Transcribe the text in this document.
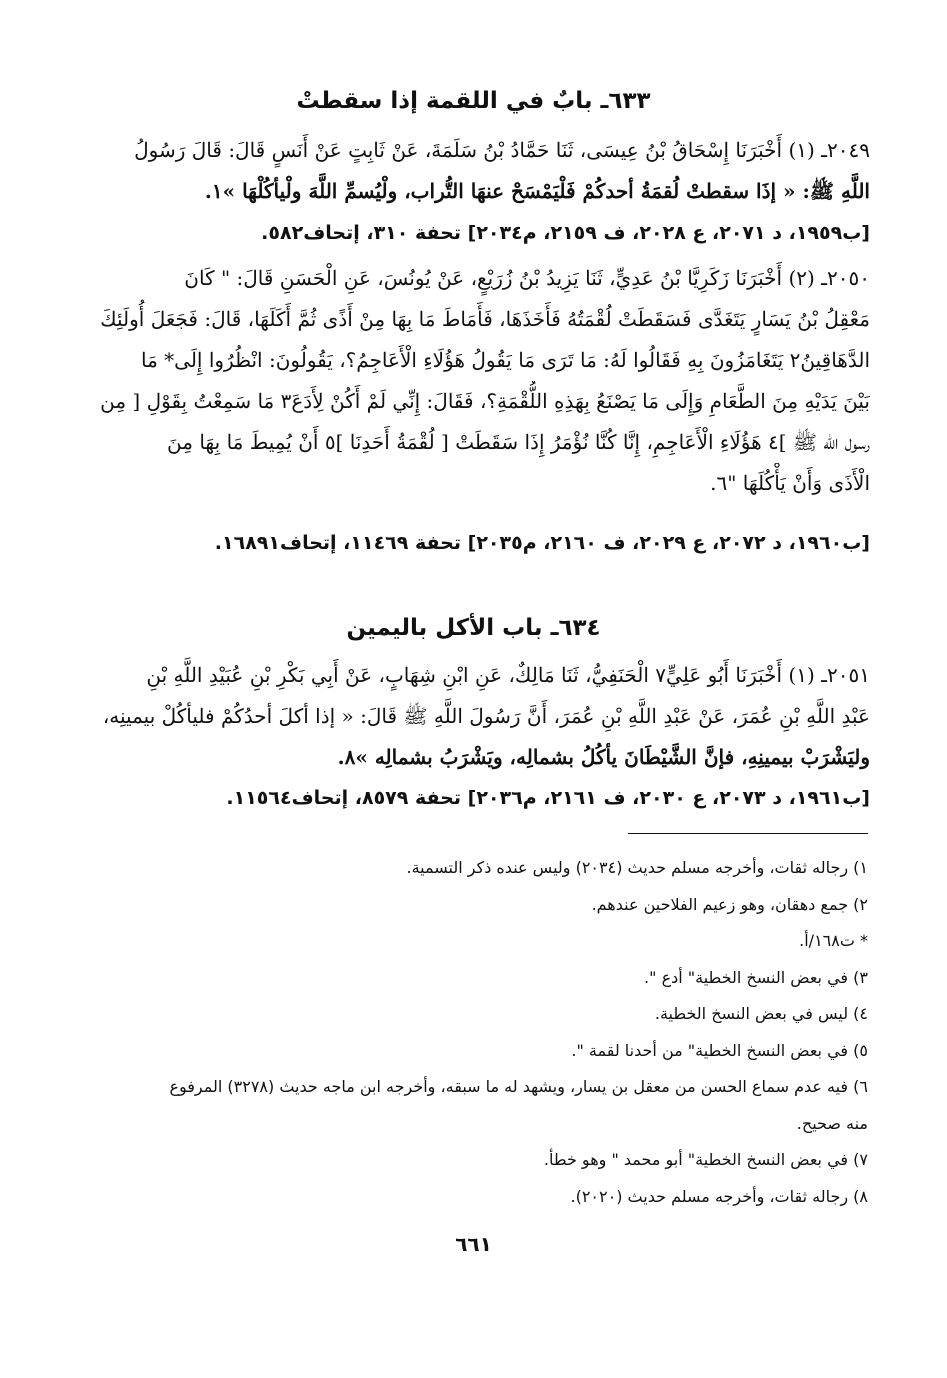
٦٣٣ـ بابٌ في اللقمة إذا سقطتْ
٢٠٤٩ـ (١) أَخْبَرَنَا إِسْحَاقُ بْنُ عِيسَى، ثَنَا حَمَّادُ بْنُ سَلَمَةَ، عَنْ ثَابِتٍ عَنْ أَنَسٍ قَالَ: قَالَ رَسُولُ
اللَّهِ ﷺ: « إذَا سقطتْ لُقمَةُ أحدكُمْ فَلْيَمْسَحْ عنهَا التُّراب، ولْيُسمِّ اللَّهَ ولْيأكُلْهَا »١.
[ب١٩٥٩، د ٢٠٧١، ع ٢٠٢٨، ف ٢١٥٩، م٢٠٣٤] تحفة ٣١٠، إتحاف٥٨٢.
٢٠٥٠ـ (٢) أَخْبَرَنَا زَكَرِيَّا بْنُ عَدِيٍّ، ثَنَا يَزِيدُ بْنُ زُرَيْعٍ، عَنْ يُونُسَ، عَنِ الْحَسَنِ قَالَ: " كَانَ
مَعْقِلُ بْنُ يَسَارٍ يَتَغَدَّى فَسَقَطَتْ لُقْمَتُهُ فَأَخَذَهَا، فَأَمَاطَ مَا بِهَا مِنْ أَذًى ثُمَّ أَكَلَهَا، قَالَ: فَجَعَلَ أُولَئِكَ
الدَّهَاقِينُ٢ يَتَغَامَزُونَ بِهِ فَقَالُوا لَهُ: مَا تَرَى مَا يَقُولُ هَؤُلَاءِ الْأَعَاجِمُ؟، يَقُولُونَ: انْظُرُوا إِلَى* مَا
بَيْنَ يَدَيْهِ مِنَ الطَّعَامِ وَإِلَى مَا يَصْنَعُ بِهَذِهِ اللُّقْمَةِ؟، فَقَالَ: إِنِّي لَمْ أَكُنْ لِأَدَعَ٣ مَا سَمِعْتُ بِقَوْلِ [ مِن
رسول الله ﷺ ]٤ هَؤُلَاءِ الْأَعَاجِمِ، إِنَّا كُنَّا نُؤْمَرُ إِذَا سَقَطَتْ [ لُقْمَةُ أَحَدِنَا ]٥ أَنْ يُمِيطَ مَا بِهَا مِنَ
الْأَذَى وَأَنْ يَأْكُلَهَا "٦.
[ب١٩٦٠، د ٢٠٧٢، ع ٢٠٢٩، ف ٢١٦٠، م٢٠٣٥] تحفة ١١٤٦٩، إتحاف١٦٨٩١.
٦٣٤ـ باب الأكل باليمين
٢٠٥١ـ (١) أَخْبَرَنَا أَبُو عَلِيٍّ٧ الْحَنَفِيُّ، ثَنَا مَالِكٌ، عَنِ ابْنِ شِهَابٍ، عَنْ أَبِي بَكْرِ بْنِ عُبَيْدِ اللَّهِ بْنِ
عَبْدِ اللَّهِ بْنِ عُمَرَ، عَنْ عَبْدِ اللَّهِ بْنِ عُمَرَ، أَنَّ رَسُولَ اللَّهِ ﷺ قَالَ: « إذا أكلَ أحدُكُمْ فليأكُلْ بيمينِه،
وليَشْرَبْ بيمينِهِ، فإنَّ الشَّيْطَانَ يأكُلُ بشمالِه، ويَشْرَبُ بشمالِه »٨.
[ب١٩٦١، د ٢٠٧٣، ع ٢٠٣٠، ف ٢١٦١، م٢٠٣٦] تحفة ٨٥٧٩، إتحاف١١٥٦٤.
١) رجاله ثقات، وأخرجه مسلم حديث (٢٠٣٤) وليس عنده ذكر التسمية.
٢) جمع دهقان، وهو زعيم الفلاحين عندهم.
* ت١٦٨/أ.
٣) في بعض النسخ الخطية" أدع ".
٤) ليس في بعض النسخ الخطية.
٥) في بعض النسخ الخطية" من أحدنا لقمة ".
٦) فيه عدم سماع الحسن من معقل بن يسار، ويشهد له ما سبقه، وأخرجه ابن ماجه حديث (٣٢٧٨) المرفوع
منه صحيح.
٧) في بعض النسخ الخطية" أبو محمد " وهو خطأ.
٨) رجاله ثقات، وأخرجه مسلم حديث (٢٠٢٠).
٦٦١
